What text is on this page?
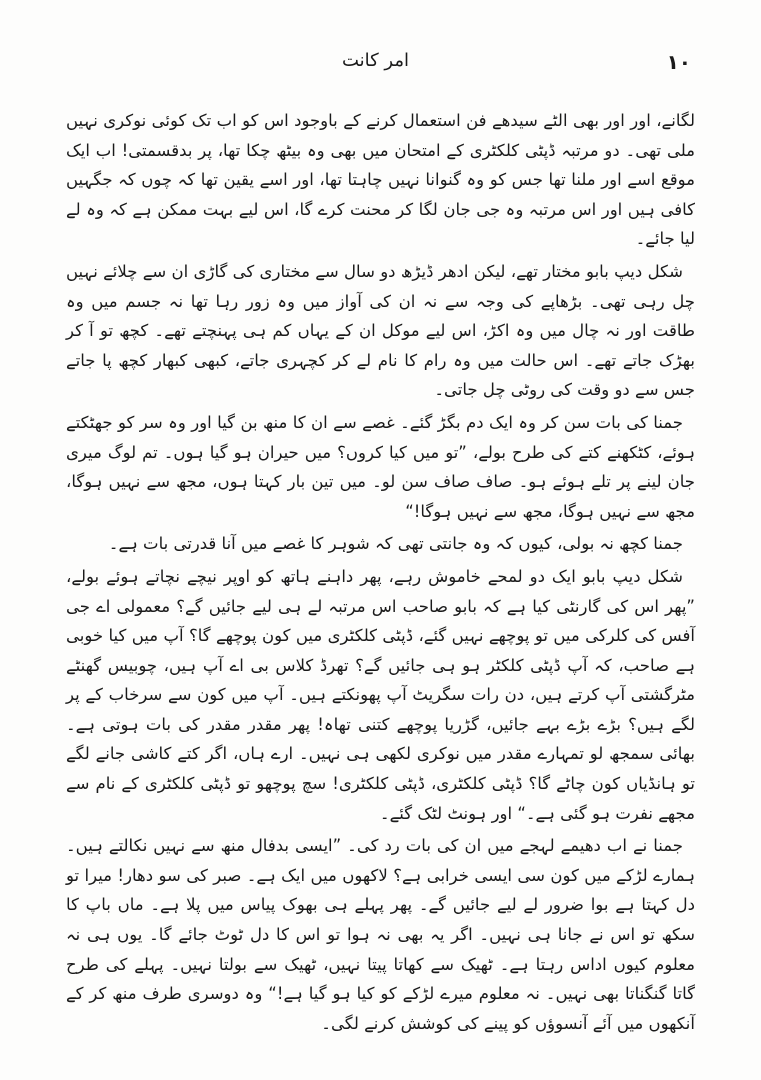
١٠
امر کانت

لگانے، اور اور بھی الٹے سیدھے فن استعمال کرنے کے باوجود اس کو اب تک کوئی نوکری نہیں ملی تھی۔ دو مرتبہ ڈپٹی کلکٹری کے امتحان میں بھی وہ بیٹھ چکا تھا، پر بدقسمتی! اب ایک موقع اسے اور ملنا تھا جس کو وہ گنوانا نہیں چاہتا تھا، اور اسے یقین تھا کہ چوں کہ جگہیں کافی ہیں اور اس مرتبہ وہ جی جان لگا کر محنت کرے گا، اس لیے بہت ممکن ہے کہ وہ لے لیا جائے۔

شکل دیپ بابو مختار تھے، لیکن ادھر ڈیڑھ دو سال سے مختاری کی گاڑی ان سے چلائے نہیں چل رہی تھی۔ بڑھاپے کی وجہ سے نہ ان کی آواز میں وہ زور رہا تھا نہ جسم میں وہ طاقت اور نہ چال میں وہ اکڑ، اس لیے موکل ان کے یہاں کم ہی پہنچتے تھے۔ کچھ تو آ کر بھڑک جاتے تھے۔ اس حالت میں وہ رام کا نام لے کر کچہری جاتے، کبھی کبھار کچھ پا جاتے جس سے دو وقت کی روٹی چل جاتی۔

جمنا کی بات سن کر وہ ایک دم بگڑ گئے۔ غصے سے ان کا منھ بن گیا اور وہ سر کو جھٹکتے ہوئے، کٹکھنے کتے کی طرح بولے، ”تو میں کیا کروں؟ میں حیران ہو گیا ہوں۔ تم لوگ میری جان لینے پر تلے ہوئے ہو۔ صاف صاف سن لو۔ میں تین بار کہتا ہوں، مجھ سے نہیں ہوگا، مجھ سے نہیں ہوگا، مجھ سے نہیں ہوگا!“

جمنا کچھ نہ بولی، کیوں کہ وہ جانتی تھی کہ شوہر کا غصے میں آنا قدرتی بات ہے۔

شکل دیپ بابو ایک دو لمحے خاموش رہے، پھر داہنے ہاتھ کو اوپر نیچے نچاتے ہوئے بولے، ”پھر اس کی گارنٹی کیا ہے کہ بابو صاحب اس مرتبہ لے ہی لیے جائیں گے؟ معمولی اے جی آفس کی کلرکی میں تو پوچھے نہیں گئے، ڈپٹی کلکٹری میں کون پوچھے گا؟ آپ میں کیا خوبی ہے صاحب، کہ آپ ڈپٹی کلکٹر ہو ہی جائیں گے؟ تھرڈ کلاس بی اے آپ ہیں، چوبیس گھنٹے مٹرگشتی آپ کرتے ہیں، دن رات سگریٹ آپ پھونکتے ہیں۔ آپ میں کون سے سرخاب کے پر لگے ہیں؟ بڑے بڑے بہے جائیں، گڑریا پوچھے کتنی تھاہ! پھر مقدر مقدر کی بات ہوتی ہے۔ بھائی سمجھ لو تمہارے مقدر میں نوکری لکھی ہی نہیں۔ ارے ہاں، اگر کتے کاشی جانے لگے تو ہانڈیاں کون چاٹے گا؟ ڈپٹی کلکٹری، ڈپٹی کلکٹری! سچ پوچھو تو ڈپٹی کلکٹری کے نام سے مجھے نفرت ہو گئی ہے۔“ اور ہونٹ لٹک گئے۔

جمنا نے اب دھیمے لہجے میں ان کی بات رد کی۔ ”ایسی بدفال منھ سے نہیں نکالتے ہیں۔ ہمارے لڑکے میں کون سی ایسی خرابی ہے؟ لاکھوں میں ایک ہے۔ صبر کی سو دھار! میرا تو دل کہتا ہے بوا ضرور لے لیے جائیں گے۔ پھر پہلے ہی بھوک پیاس میں پلا ہے۔ ماں باپ کا سکھ تو اس نے جانا ہی نہیں۔ اگر یہ بھی نہ ہوا تو اس کا دل ٹوٹ جائے گا۔ یوں ہی نہ معلوم کیوں اداس رہتا ہے۔ ٹھیک سے کھاتا پیتا نہیں، ٹھیک سے بولتا نہیں۔ پہلے کی طرح گاتا گنگناتا بھی نہیں۔ نہ معلوم میرے لڑکے کو کیا ہو گیا ہے!“ وہ دوسری طرف منھ کر کے آنکھوں میں آئے آنسوؤں کو پینے کی کوشش کرنے لگی۔
